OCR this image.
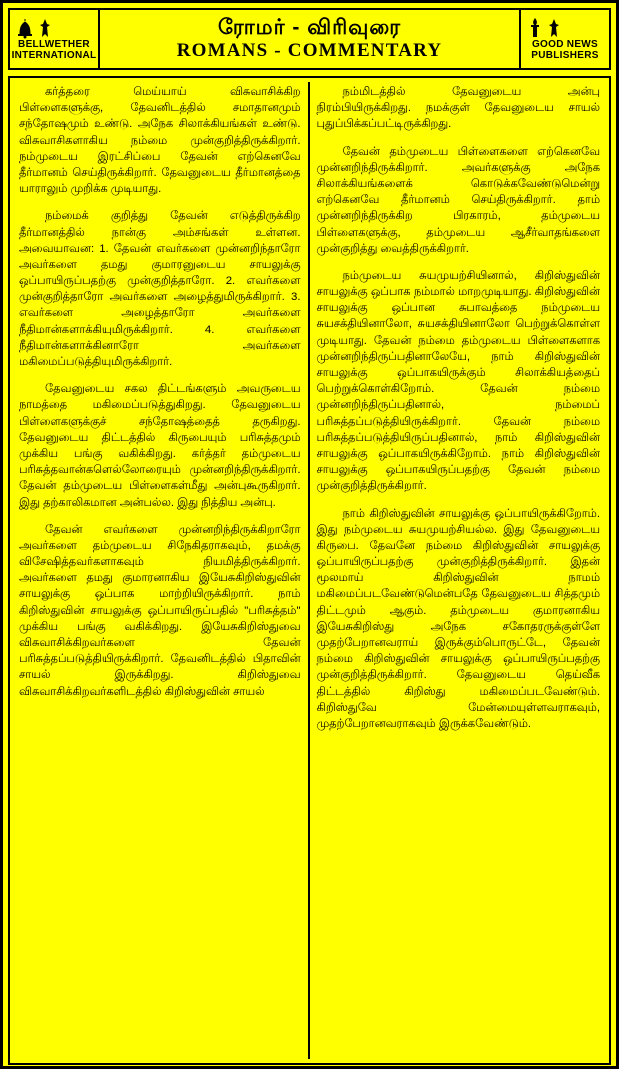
BELLWETHER
INTERNATIONAL
ரோமர் - விரிவுரை
ROMANS - COMMENTARY	GOOD NEWS
PUBLISHERS

கர்த்தரை மெய்யாய் விசுவாசிக்கிற பிள்ளைகளுக்கு, தேவனிடத்தில் சமாதானமும் சந்தோஷமும் உண்டு. அநேக சிலாக்கியங்கள் உண்டு. விசுவாசிகளாகிய நம்மை முன்குறித்திருக்கிறார். நம்முடைய இரட்சிப்பை தேவன் எற்கெனவே தீர்மானம் செய்திருக்கிறார். தேவனுடைய தீர்மானத்தை யாராலும் முறிக்க முடியாது.

நம்மைக் குறித்து தேவன் எடுத்திருக்கிற தீர்மானத்தில் நான்கு அம்சங்கள் உள்ளன. அவையாவன: 1. தேவன் எவர்களை முன்னறிந்தாரோ அவர்களை தமது குமாரனுடைய சாயலுக்கு ஒப்பாயிருப்பதற்கு முன்குறித்தாரோ. 2. எவர்களை முன்குறித்தாரோ அவர்களை அழைத்துமிருக்கிறார். 3. எவர்களை அழைத்தாரோ அவர்களை நீதிமான்களாக்கியுமிருக்கிறார். 4. எவர்களை நீதிமான்களாக்கினாரோ அவர்களை மகிமைப்படுத்தியுமிருக்கிறார்.

தேவனுடைய சகல திட்டங்களும் அவருடைய நாமத்தை மகிமைப்படுத்துகிறது. தேவனுடைய பிள்ளைகளுக்குச் சந்தோஷத்தைத் தருகிறது. தேவனுடைய திட்டத்தில் கிருபையும் பரிசுத்தமும் முக்கிய பங்கு வகிக்கிறது. கர்த்தர் தம்முடைய பரிசுத்தவான்களெல்லோரையும் முன்னறிந்திருக்கிறார். தேவன் தம்முடைய பிள்ளைகள்மீது அன்புகூருகிறார். இது தற்காலிகமான அன்பல்ல. இது நித்திய அன்பு.

தேவன் எவர்களை முன்னறிந்திருக்கிறாரோ அவர்களை தம்முடைய சிநேகிதராகவும், தமக்கு விசேஷித்தவர்களாகவும் நியமித்திருக்கிறார். அவர்களை தமது குமாரனாகிய இயேசுகிறிஸ்துவின் சாயலுக்கு ஒப்பாக மாற்றியிருக்கிறார். நாம் கிறிஸ்துவின் சாயலுக்கு ஒப்பாயிருப்பதில் "பரிசுத்தம்" முக்கிய பங்கு வகிக்கிறது. இயேசுகிறிஸ்துவை விசுவாசிக்கிறவர்களை தேவன் பரிசுத்தப்படுத்தியிருக்கிறார். தேவனிடத்தில் பிதாவின் சாயல் இருக்கிறது. கிறிஸ்துவை விசுவாசிக்கிறவர்களிடத்தில் கிறிஸ்துவின் சாயல்

நம்மிடத்தில் தேவனுடைய அன்பு நிரம்பியிருக்கிறது. நமக்குள் தேவனுடைய சாயல் புதுப்பிக்கப்பட்டிருக்கிறது.

தேவன் தம்முடைய பிள்ளைகளை எற்கெனவே முன்னறிந்திருக்கிறார். அவர்களுக்கு அநேக சிலாக்கியங்களைக் கொடுக்கவேண்டுமென்று எற்கெனவே தீர்மானம் செய்திருக்கிறார். தாம் முன்னறிந்திருக்கிற பிரகாரம், தம்முடைய பிள்ளைகளுக்கு, தம்முடைய ஆசீர்வாதங்களை முன்குறித்து வைத்திருக்கிறார்.

நம்முடைய சுயமுயற்சியினால், கிறிஸ்துவின் சாயலுக்கு ஒப்பாக நம்மால் மாறமுடியாது. கிறிஸ்துவின் சாயலுக்கு ஒப்பான சுபாவத்தை நம்முடைய சுயசக்தியினாலோ, சுயசக்தியினாலோ பெற்றுக்கொள்ள முடியாது. தேவன் நம்மை தம்முடைய பிள்ளைகளாக முன்னறிந்திருப்பதினாலேயே, நாம் கிறிஸ்துவின் சாயலுக்கு ஒப்பாகயிருக்கும் சிலாக்கியத்தைப் பெற்றுக்கொள்கிறோம். தேவன் நம்மை முன்னறிந்திருப்பதினால், நம்மைப் பரிசுத்தப்படுத்தியிருக்கிறார். தேவன் நம்மை பரிசுத்தப்படுத்தியிருப்பதினால், நாம் கிறிஸ்துவின் சாயலுக்கு ஒப்பாகயிருக்கிறோம். நாம் கிறிஸ்துவின் சாயலுக்கு ஒப்பாகயிருப்பதற்கு தேவன் நம்மை முன்குறித்திருக்கிறார்.

நாம் கிறிஸ்துவின் சாயலுக்கு ஒப்பாயிருக்கிறோம். இது நம்முடைய சுயமுயற்சியல்ல. இது தேவனுடைய கிருபை. தேவனே நம்மை கிறிஸ்துவின் சாயலுக்கு ஒப்பாயிருப்பதற்கு முன்குறித்திருக்கிறார். இதன் மூலமாய் கிறிஸ்துவின் நாமம் மகிமைப்படவேண்டுமென்பதே தேவனுடைய சித்தமும் திட்டமும் ஆகும். தம்முடைய குமாரனாகிய இயேசுகிறிஸ்து அநேக சகோதரருக்குள்ளே முதற்பேறானவராய் இருக்கும்பொருட்டே, தேவன் நம்மை கிறிஸ்துவின் சாயலுக்கு ஒப்பாயிருப்பதற்கு முன்குறித்திருக்கிறார். தேவனுடைய தெய்வீக திட்டத்தில் கிறிஸ்து மகிமைப்படவேண்டும். கிறிஸ்துவே மேன்மையுள்ளவராகவும், முதற்பேறானவராகவும் இருக்கவேண்டும்.
